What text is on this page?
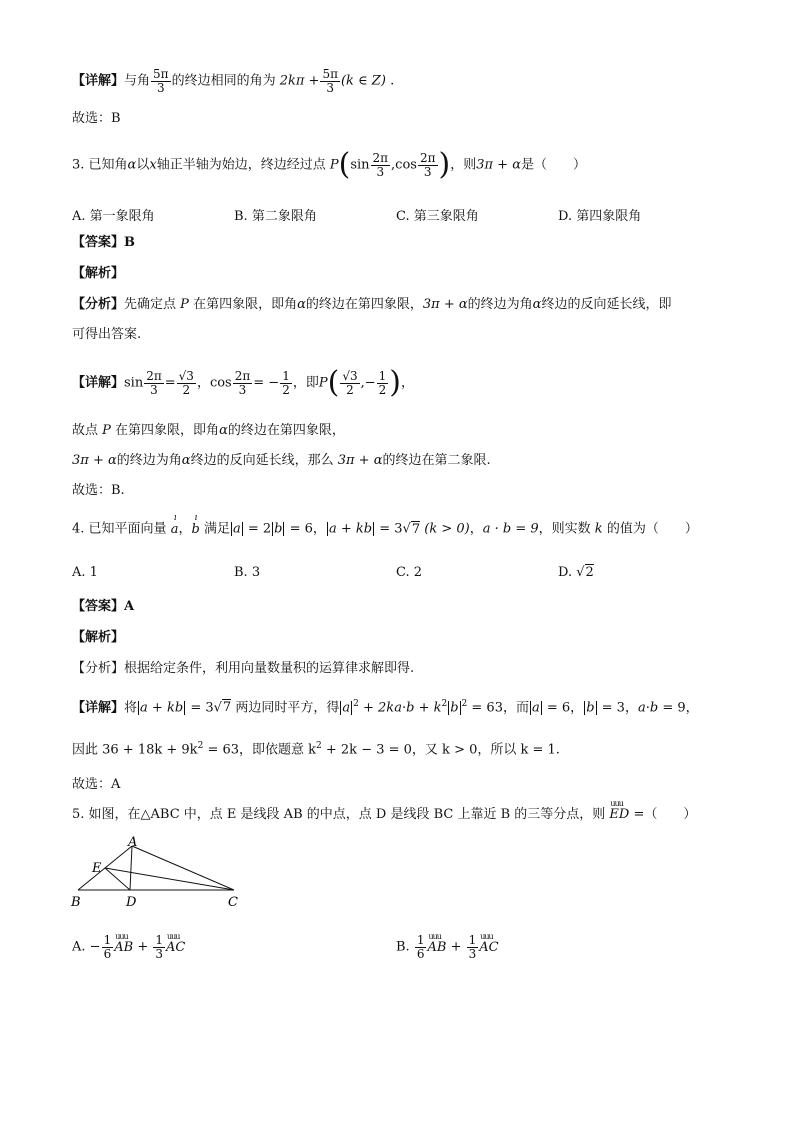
【详解】与角 $\frac{5\pi}{3}$ 的终边相同的角为 $2k\pi + \frac{5\pi}{3} (k$ ∈ Z) .
故选：B
3. 已知角α以x轴正半轴为始边，终边经过点 $P(\sin \frac{2\pi}{3} ,\cos \frac{2\pi}{3}$ )，则3π + α是（　　）
A. 第一象限角	B. 第二象限角	C. 第三象限角	D. 第四象限角
【答案】B
【解析】
【分析】先确定点 P 在第四象限，即角α的终边在第四象限，3π + α的终边为角α终边的反向延长线，即
可得出答案.
【详解】$\sin \frac{2\pi}{3} = \frac{√3}{2}$ ，$\cos \frac{2\pi}{3}$ = − $\frac{1}{2}$ ，即$P( \frac{√3}{2}$ ,− $\frac{1}{2}$ )，
故点 P 在第四象限，即角α的终边在第四象限，
3π + α的终边为角α终边的反向延长线，那么 3π + α的终边在第二象限.
故选：B.
4. 已知平面向量 ı a，ı b 满足 a = 2 b = 6， a + kb = 3√7 (k > 0)，a · b = 9，则实数 k 的值为（　　）
A. 1	B. 3	C. 2	D. √2
【答案】A
【解析】
【分析】根据给定条件，利用向量数量积的运算律求解即得.
【详解】将 a + kb = 3√7 两边同时平方，得 a $^2 + 2ka\cdot b + k^2$ b $^2$ = 63，而 a = 6， b = 3，a·b = 9，
因此 $36 + 18k + 9k^2 = 63$，即依题意 $k^2 + 2k - 3 = 0$，又 k > 0，所以 k = 1.
故选：A
5. 如图，在△ABC 中，点 E 是线段 AB 的中点，点 D 是线段 BC 上靠近 B 的三等分点，则 uuu ED =（　　）
A
B	C
D
E
A. − $\frac{1}{6}$ uuu AB + $\frac{1}{3}$ uuu AC	B. $\frac{1}{6}$ uuu AB + $\frac{1}{3}$ uuu AC
